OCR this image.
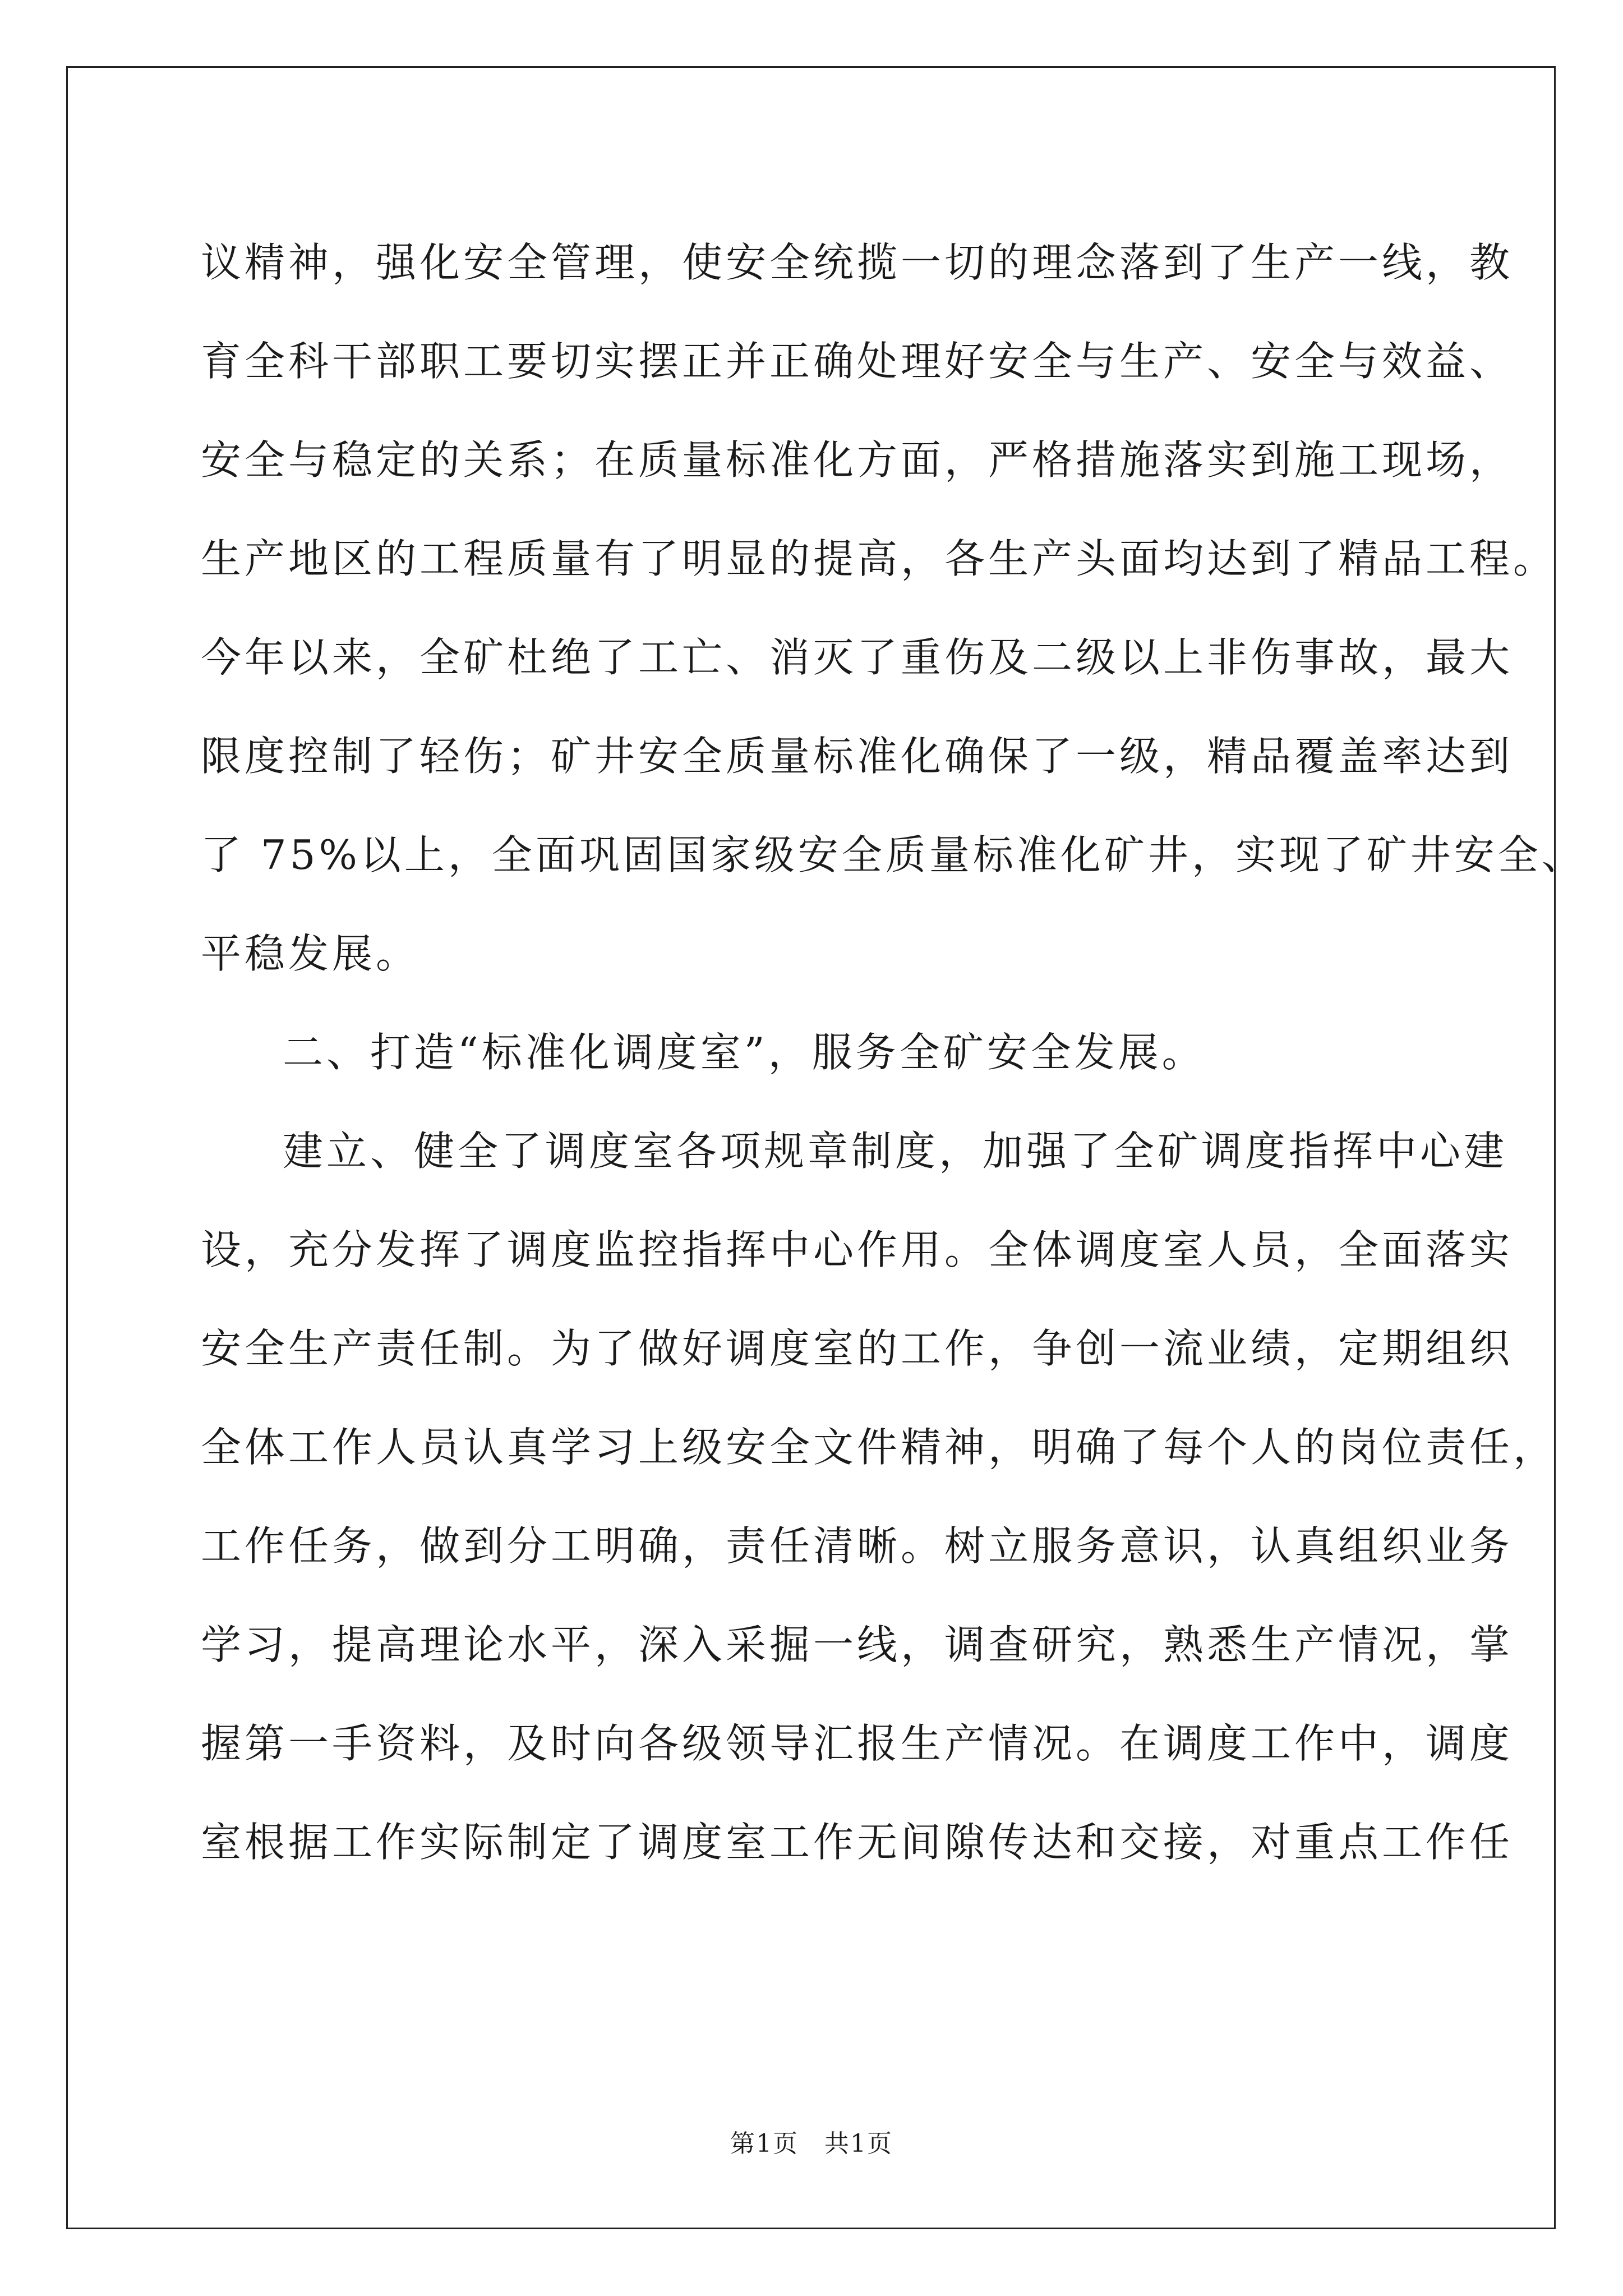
议精神，强化安全管理，使安全统揽一切的理念落到了生产一线，教
育全科干部职工要切实摆正并正确处理好安全与生产、安全与效益、
安全与稳定的关系；在质量标准化方面，严格措施落实到施工现场，
生产地区的工程质量有了明显的提高，各生产头面均达到了精品工程。
今年以来，全矿杜绝了工亡、消灭了重伤及二级以上非伤事故，最大
限度控制了轻伤；矿井安全质量标准化确保了一级，精品覆盖率达到
了 75%以上，全面巩固国家级安全质量标准化矿井，实现了矿井安全、
平稳发展。
二、打造“标准化调度室”，服务全矿安全发展。
建立、健全了调度室各项规章制度，加强了全矿调度指挥中心建
设，充分发挥了调度监控指挥中心作用。全体调度室人员，全面落实
安全生产责任制。为了做好调度室的工作，争创一流业绩，定期组织
全体工作人员认真学习上级安全文件精神，明确了每个人的岗位责任，
工作任务，做到分工明确，责任清晰。树立服务意识，认真组织业务
学习，提高理论水平，深入采掘一线，调查研究，熟悉生产情况，掌
握第一手资料，及时向各级领导汇报生产情况。在调度工作中，调度
室根据工作实际制定了调度室工作无间隙传达和交接，对重点工作任
第1页　共1页
